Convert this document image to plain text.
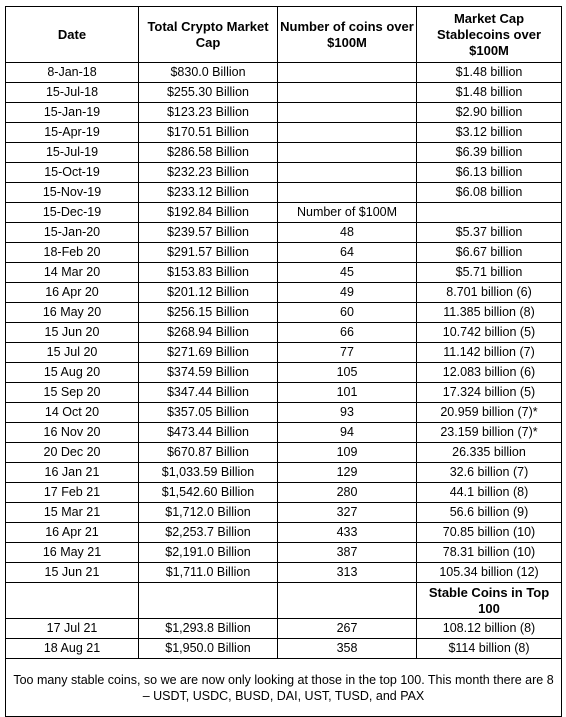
Date	Total Crypto Market Cap	Number of coins over $100M	Market Cap Stablecoins over $100M
8-Jan-18	$830.0 Billion		$1.48 billion
15-Jul-18	$255.30 Billion		$1.48 billion
15-Jan-19	$123.23 Billion		$2.90 billion
15-Apr-19	$170.51 Billion		$3.12 billion
15-Jul-19	$286.58 Billion		$6.39 billion
15-Oct-19	$232.23 Billion		$6.13 billion
15-Nov-19	$233.12 Billion		$6.08 billion
15-Dec-19	$192.84 Billion	Number of $100M	
15-Jan-20	$239.57 Billion	48	$5.37 billion
18-Feb 20	$291.57 Billion	64	$6.67 billion
14 Mar 20	$153.83 Billion	45	$5.71 billion
16 Apr 20	$201.12 Billion	49	8.701 billion (6)
16 May 20	$256.15 Billion	60	11.385 billion (8)
15 Jun 20	$268.94 Billion	66	10.742 billion (5)
15 Jul 20	$271.69 Billion	77	11.142 billion (7)
15 Aug 20	$374.59 Billion	105	12.083 billion (6)
15 Sep 20	$347.44 Billion	101	17.324 billion (5)
14 Oct 20	$357.05 Billion	93	20.959 billion (7)*
16 Nov 20	$473.44 Billion	94	23.159 billion (7)*
20 Dec 20	$670.87 Billion	109	26.335 billion
16 Jan 21	$1,033.59 Billion	129	32.6 billion (7)
17 Feb 21	$1,542.60 Billion	280	44.1 billion (8)
15 Mar 21	$1,712.0 Billion	327	56.6 billion (9)
16 Apr 21	$2,253.7 Billion	433	70.85 billion (10)
16 May 21	$2,191.0 Billion	387	78.31 billion (10)
15 Jun 21	$1,711.0 Billion	313	105.34 billion (12)
			Stable Coins in Top 100
17 Jul 21	$1,293.8 Billion	267	108.12 billion (8)
18 Aug 21	$1,950.0 Billion	358	$114 billion (8)
Too many stable coins, so we are now only looking at those in the top 100. This month there are 8 – USDT, USDC, BUSD, DAI, UST, TUSD, and PAX			
